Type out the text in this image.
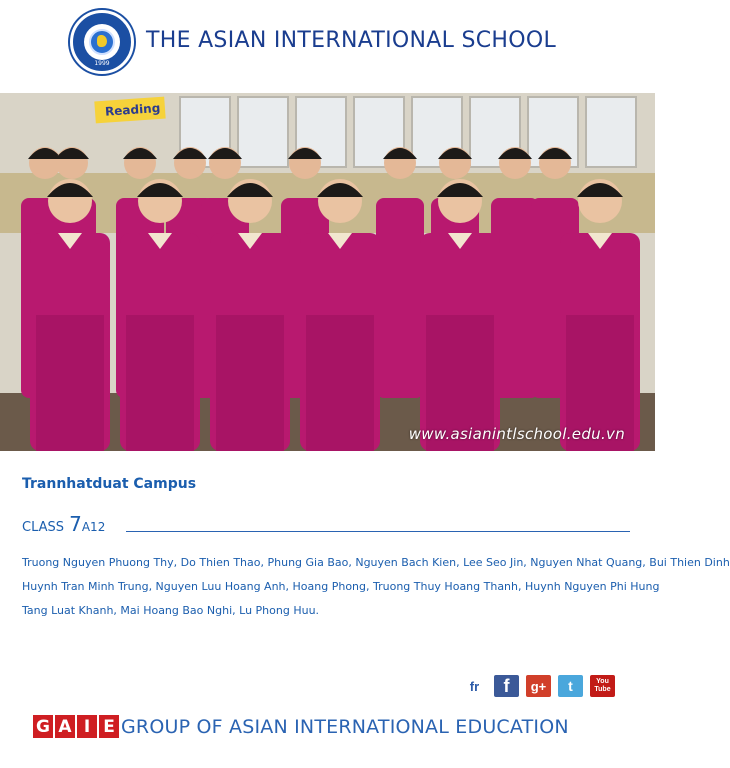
1999
THE ASIAN INTERNATIONAL SCHOOL
Reading
www.asianintlschool.edu.vn
Trannhatduat Campus
CLASS 7A12
Truong Nguyen Phuong Thy, Do Thien Thao, Phung Gia Bao, Nguyen Bach Kien, Lee Seo Jin, Nguyen Nhat Quang, Bui Thien Dinh
Huynh Tran Minh Trung, Nguyen Luu Hoang Anh, Hoang Phong, Truong Thuy Hoang Thanh, Huynh Nguyen Phi Hung
Tang Luat Khanh, Mai Hoang Bao Nghi, Lu Phong Huu.
fr	f	g+	t	You
Tube
G A I E GROUP OF ASIAN INTERNATIONAL EDUCATION
